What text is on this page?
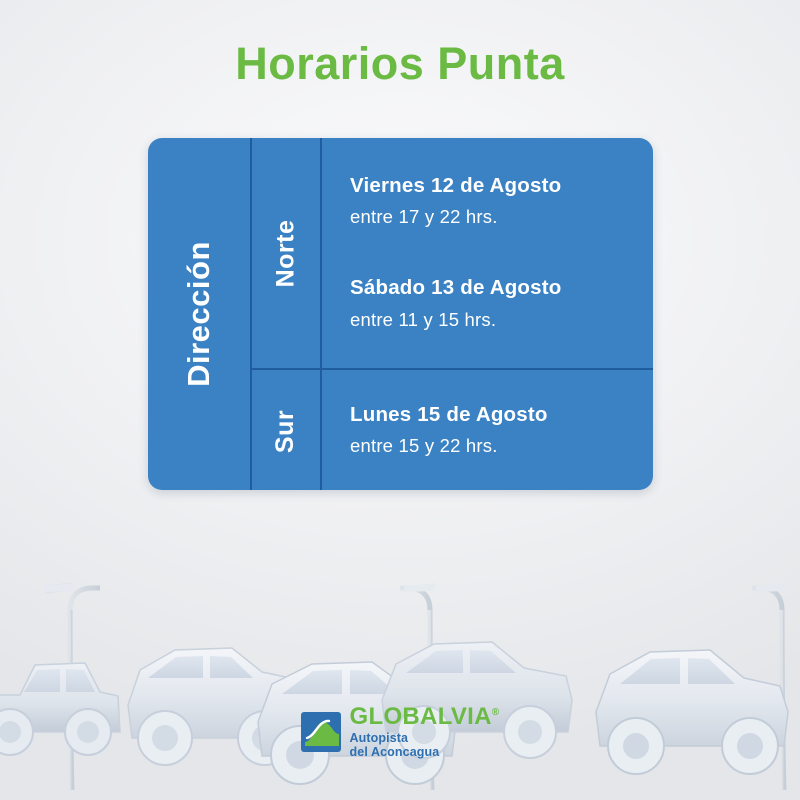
Horarios Punta
Dirección Norte
Viernes 12 de Agosto
entre 17 y 22 hrs.
Sábado 13 de Agosto
entre 11 y 15 hrs.
Sur Lunes 15 de Agosto
entre 15 y 22 hrs.
GLOBALVIA®
Autopista
del Aconcagua
